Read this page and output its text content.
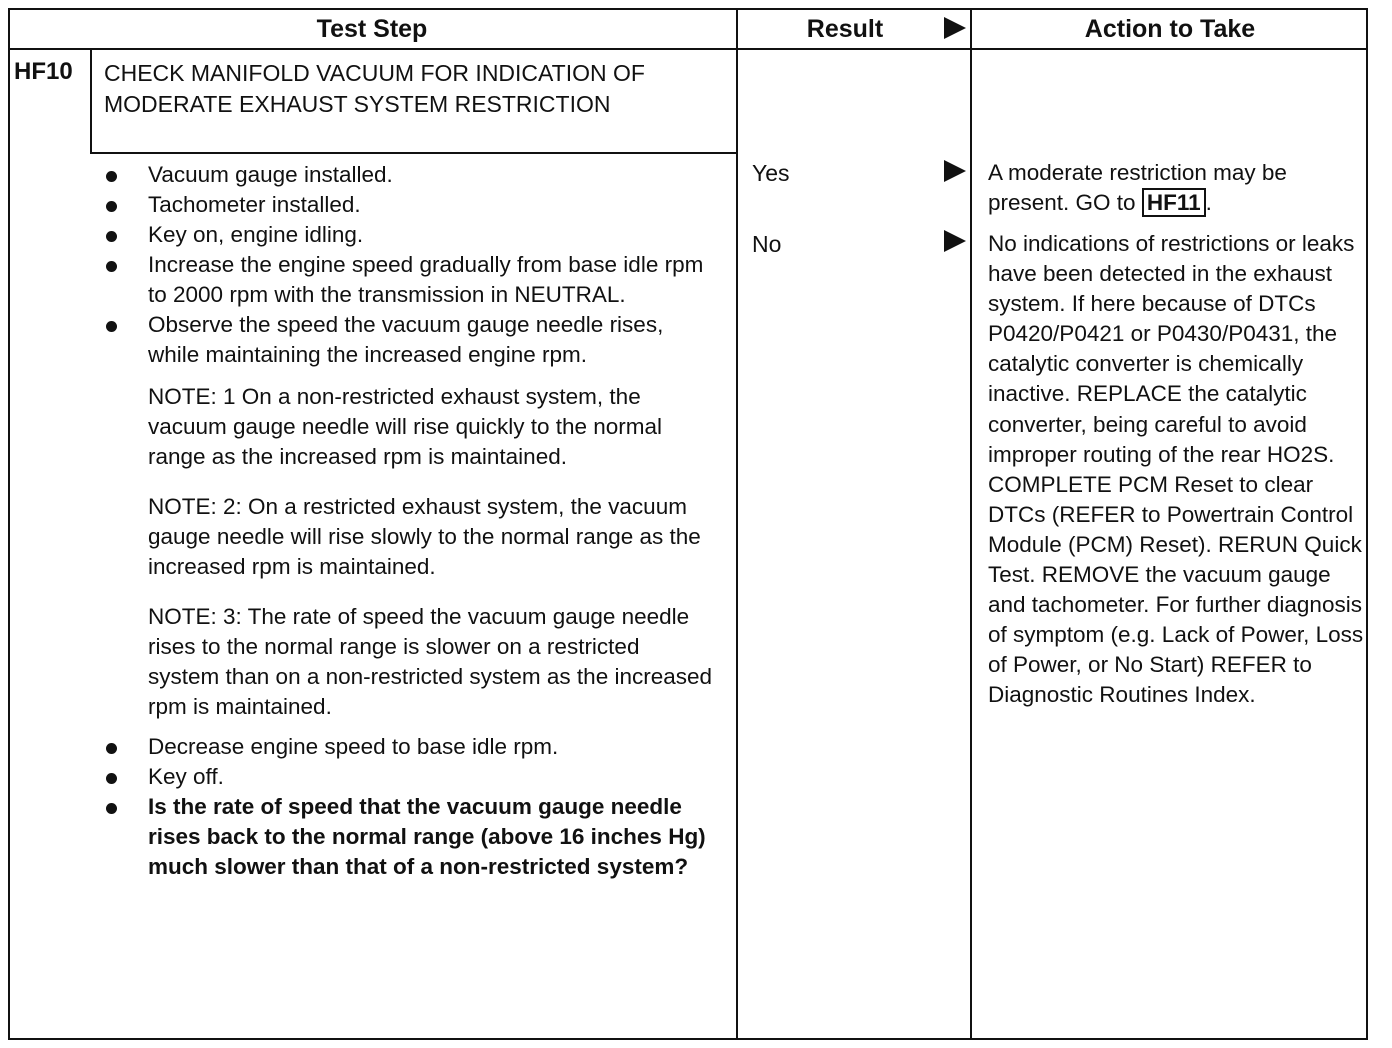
Test Step	Result	Action to Take
HF10 CHECK MANIFOLD VACUUM FOR INDICATION OF MODERATE EXHAUST SYSTEM RESTRICTION
Vacuum gauge installed.
Tachometer installed.
Key on, engine idling.
Increase the engine speed gradually from base idle rpm to 2000 rpm with the transmission in NEUTRAL.
Observe the speed the vacuum gauge needle rises, while maintaining the increased engine rpm.
NOTE: 1 On a non-restricted exhaust system, the vacuum gauge needle will rise quickly to the normal range as the increased rpm is maintained.
NOTE: 2: On a restricted exhaust system, the vacuum gauge needle will rise slowly to the normal range as the increased rpm is maintained.
NOTE: 3: The rate of speed the vacuum gauge needle rises to the normal range is slower on a restricted system than on a non-restricted system as the increased rpm is maintained.
Decrease engine speed to base idle rpm.
Key off.
Is the rate of speed that the vacuum gauge needle rises back to the normal range (above 16 inches Hg) much slower than that of a non-restricted system?
Yes
No
A moderate restriction may be present. GO to HF11 .
No indications of restrictions or leaks have been detected in the exhaust system. If here because of DTCs P0420/P0421 or P0430/P0431, the catalytic converter is chemically inactive. REPLACE the catalytic converter, being careful to avoid improper routing of the rear HO2S. COMPLETE PCM Reset to clear DTCs (REFER to Powertrain Control Module (PCM) Reset). RERUN Quick Test. REMOVE the vacuum gauge and tachometer. For further diagnosis of symptom (e.g. Lack of Power, Loss of Power, or No Start) REFER to Diagnostic Routines Index.
